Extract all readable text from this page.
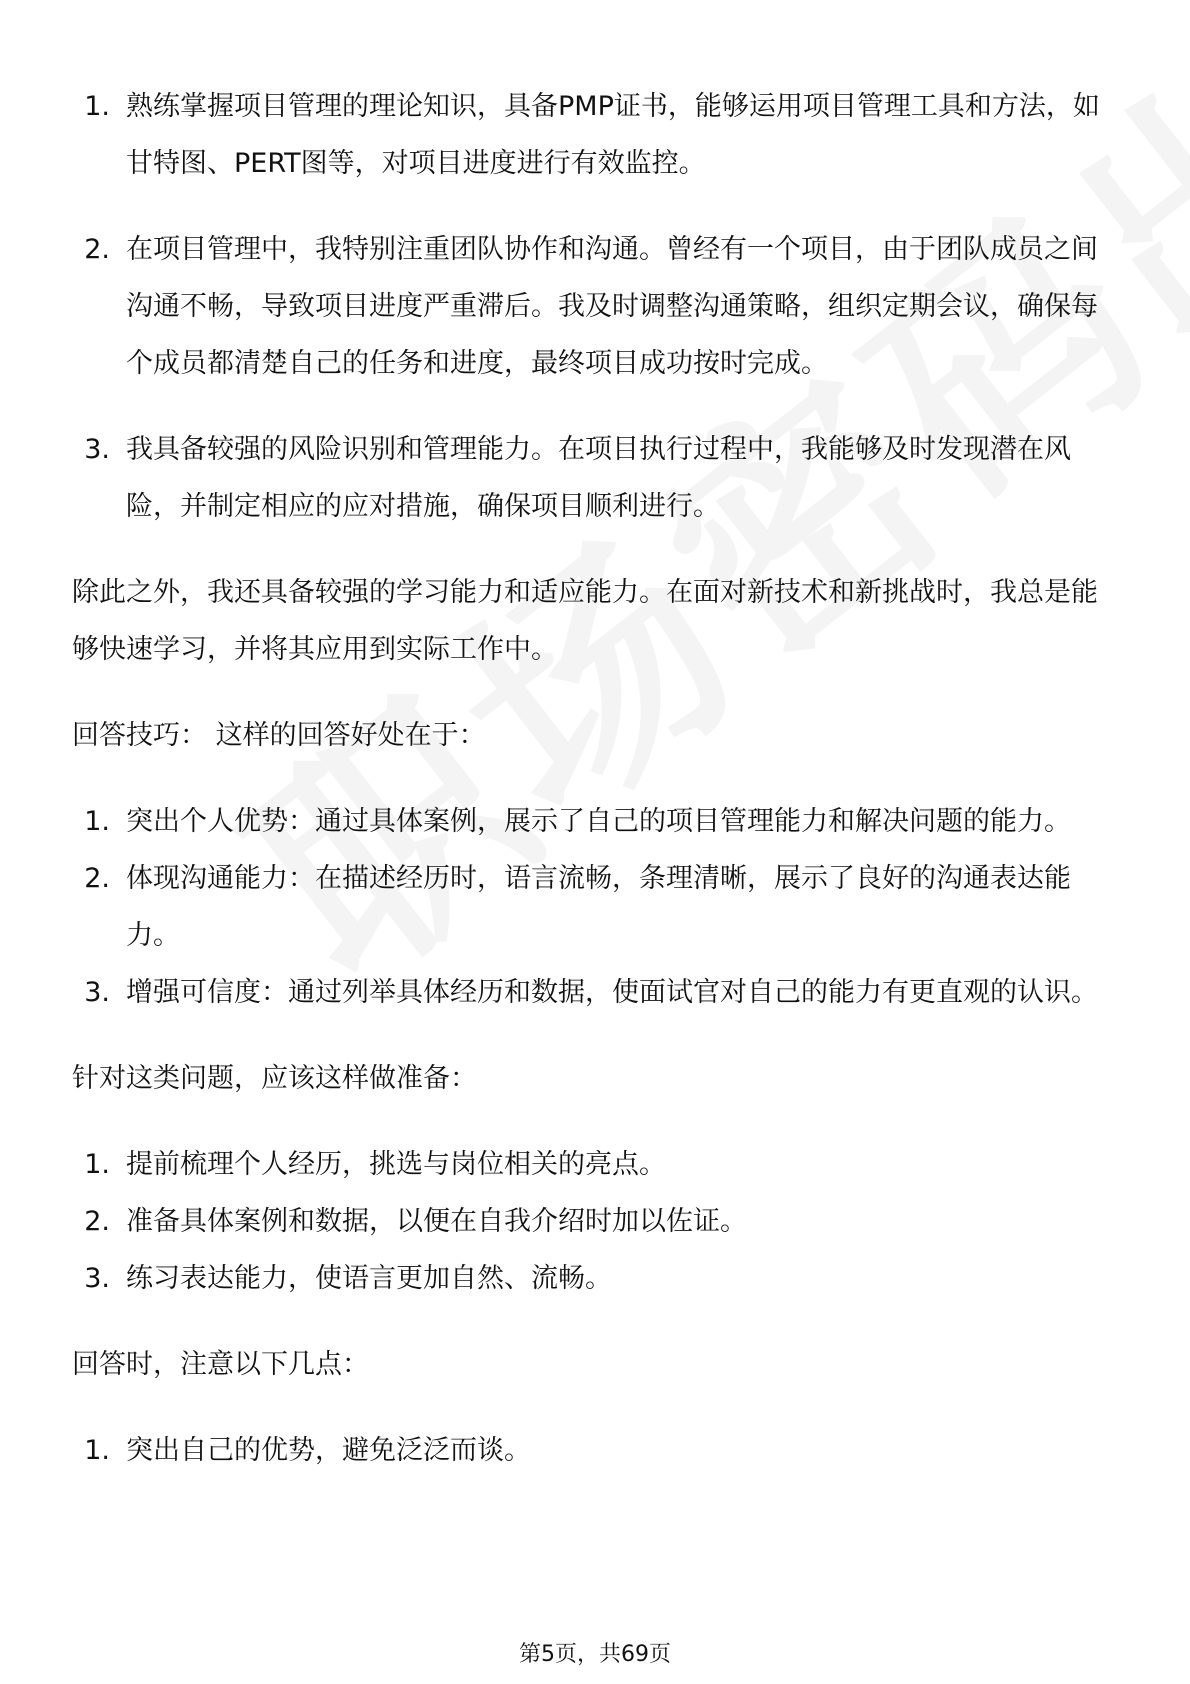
1. 熟练掌握项目管理的理论知识，具备PMP证书，能够运用项目管理工具和方法，如甘特图、PERT图等，对项目进度进行有效监控。
2. 在项目管理中，我特别注重团队协作和沟通。曾经有一个项目，由于团队成员之间沟通不畅，导致项目进度严重滞后。我及时调整沟通策略，组织定期会议，确保每个成员都清楚自己的任务和进度，最终项目成功按时完成。
3. 我具备较强的风险识别和管理能力。在项目执行过程中，我能够及时发现潜在风险，并制定相应的应对措施，确保项目顺利进行。

除此之外，我还具备较强的学习能力和适应能力。在面对新技术和新挑战时，我总是能够快速学习，并将其应用到实际工作中。

回答技巧： 这样的回答好处在于：

1. 突出个人优势：通过具体案例，展示了自己的项目管理能力和解决问题的能力。
2. 体现沟通能力：在描述经历时，语言流畅，条理清晰，展示了良好的沟通表达能力。
3. 增强可信度：通过列举具体经历和数据，使面试官对自己的能力有更直观的认识。

针对这类问题，应该这样做准备：

1. 提前梳理个人经历，挑选与岗位相关的亮点。
2. 准备具体案例和数据，以便在自我介绍时加以佐证。
3. 练习表达能力，使语言更加自然、流畅。

回答时，注意以下几点：

1. 突出自己的优势，避免泛泛而谈。
第5页，共69页
